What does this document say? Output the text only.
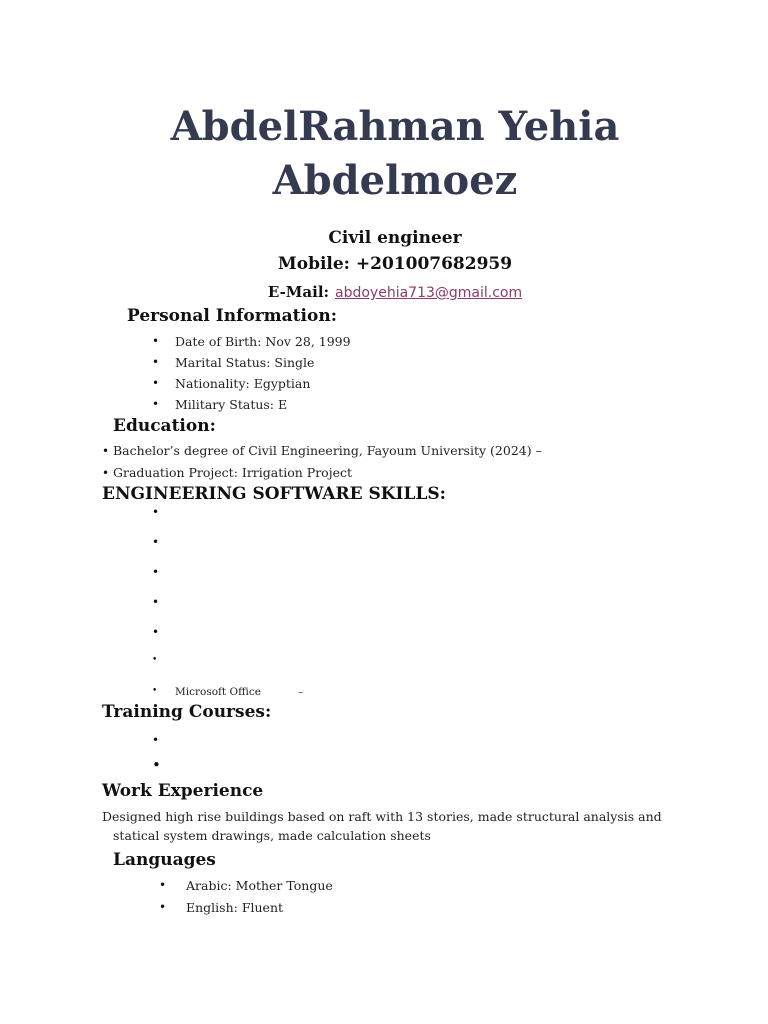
AbdelRahman Yehia
Abdelmoez
Civil engineer
Mobile: +201007682959
E-Mail: abdoyehia713@gmail.com
Personal Information:
• Date of Birth: Nov 28, 1999
• Marital Status: Single
• Nationality: Egyptian
• Military Status: E
Education:
• Bachelor’s degree of Civil Engineering, Fayoum University (2024) –
• Graduation Project: Irrigation Project
ENGINEERING SOFTWARE SKILLS:
•
•
•
•
•
•
• Microsoft Office	–
Training Courses:
•
•
Work Experience
Designed high rise buildings based on raft with 13 stories, made structural analysis and
statical system drawings, made calculation sheets
Languages
• Arabic: Mother Tongue
• English: Fluent
